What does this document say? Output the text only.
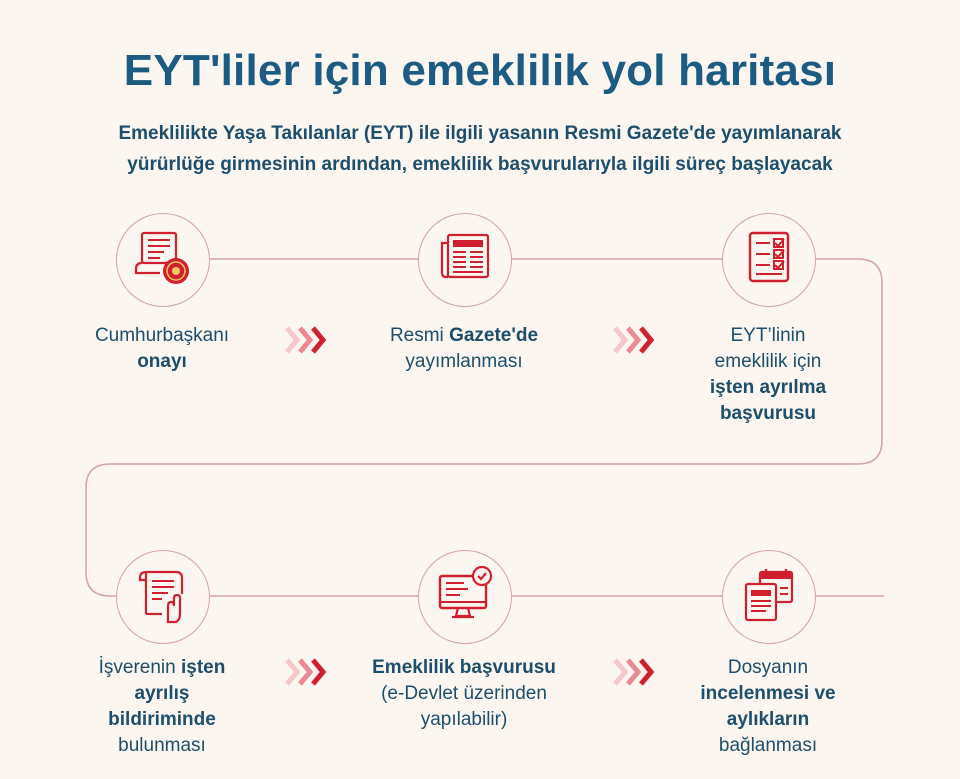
EYT'liler için emeklilik yol haritası
Emeklilikte Yaşa Takılanlar (EYT) ile ilgili yasanın Resmi Gazete'de yayımlanarak
yürürlüğe girmesinin ardından, emeklilik başvurularıyla ilgili süreç başlayacak
Cumhurbaşkanı
onayı
Resmi Gazete'de
yayımlanması
EYT’linin
emeklilik için
işten ayrılma
başvurusu
İşverenin işten
ayrılış
bildiriminde
bulunması
Emeklilik başvurusu
(e-Devlet üzerinden
yapılabilir)
Dosyanın
incelenmesi ve
aylıkların
bağlanması
